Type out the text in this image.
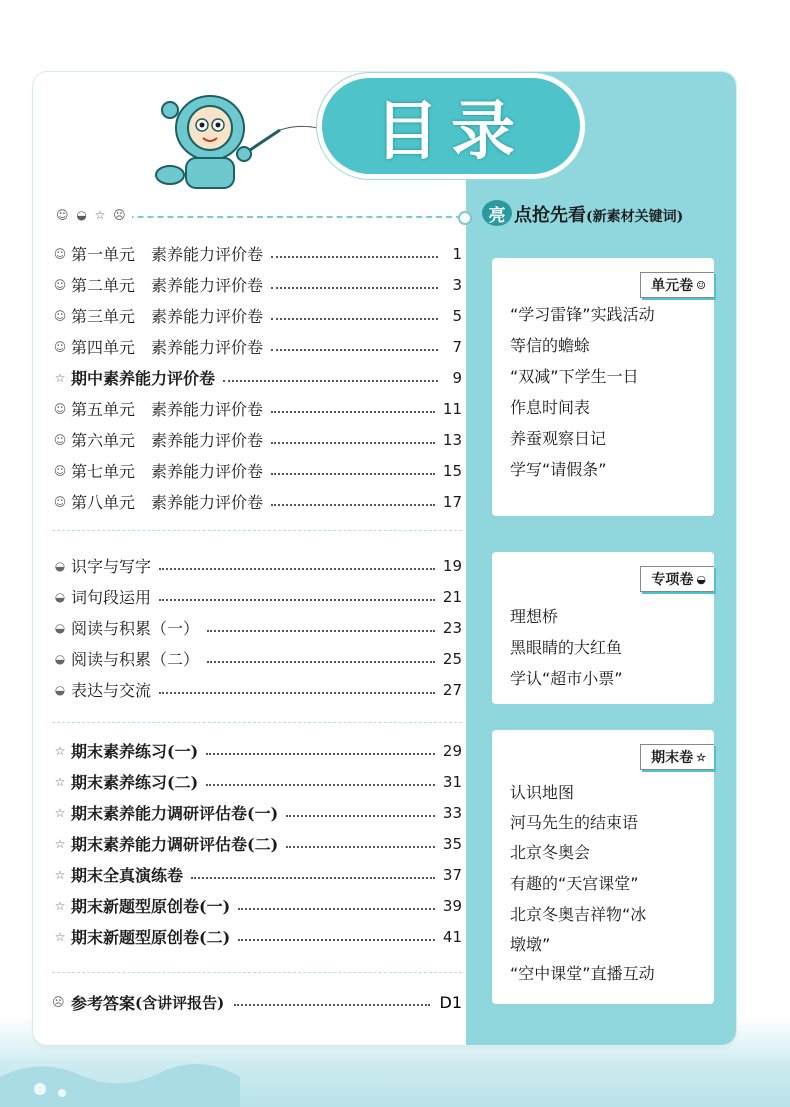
目录
☺ ◒ ☆ ☹
☺ 第一单元　素养能力评价卷	1
☺ 第二单元　素养能力评价卷	3
☺ 第三单元　素养能力评价卷	5
☺ 第四单元　素养能力评价卷	7
☆ 期中素养能力评价卷	9
☺ 第五单元　素养能力评价卷	11
☺ 第六单元　素养能力评价卷	13
☺ 第七单元　素养能力评价卷	15
☺ 第八单元　素养能力评价卷	17
◒ 识字与写字	19
◒ 词句段运用	21
◒ 阅读与积累（一）	23
◒ 阅读与积累（二）	25
◒ 表达与交流	27
☆ 期末素养练习(一)	29
☆ 期末素养练习(二)	31
☆ 期末素养能力调研评估卷(一)	33
☆ 期末素养能力调研评估卷(二)	35
☆ 期末全真演练卷	37
☆ 期末新题型原创卷(一)	39
☆ 期末新题型原创卷(二)	41
☹ 参考答案 (含讲评报告)	D1
亮 点抢先看 (新素材关键词)
单元卷 ☺
“学习雷锋”实践活动
等信的蟾蜍
“双减”下学生一日
作息时间表
养蚕观察日记
学写“请假条”
专项卷 ◒
理想桥
黑眼睛的大红鱼
学认“超市小票”
期末卷 ☆
认识地图
河马先生的结束语
北京冬奥会
有趣的“天宫课堂”
北京冬奥吉祥物“冰
墩墩”
“空中课堂”直播互动
